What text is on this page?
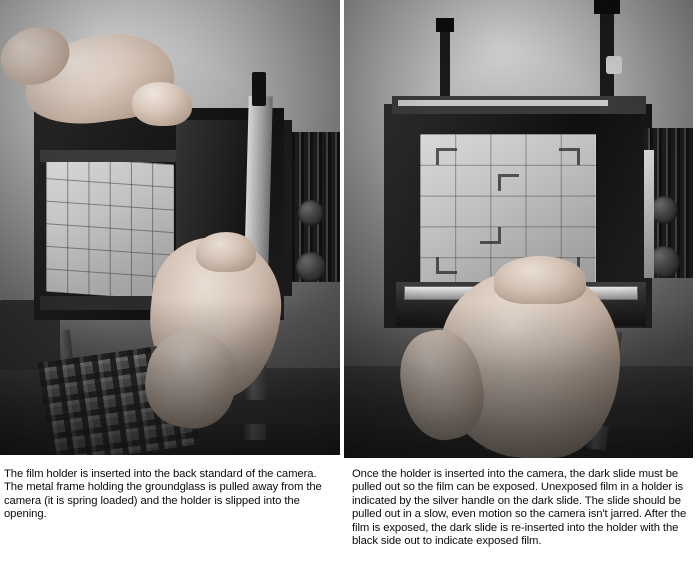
The film holder is inserted into the back standard of the camera. The metal frame holding the groundglass is pulled away from the camera (it is spring loaded) and the holder is slipped into the opening.
Once the holder is inserted into the camera, the dark slide must be pulled out so the film can be exposed. Unexposed film in a holder is indicated by the silver handle on the dark slide. The slide should be pulled out in a slow, even motion so the camera isn't jarred. After the film is exposed, the dark slide is re-inserted into the holder with the black side out to indicate exposed film.
